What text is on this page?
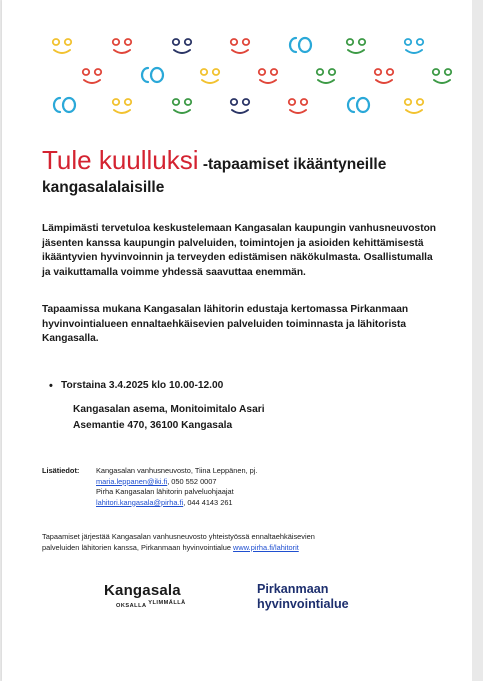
Tule kuulluksi -tapaamiset ikääntyneille
kangasalalaisille
Lämpimästi tervetuloa keskustelemaan Kangasalan kaupungin vanhusneuvoston jäsenten kanssa kaupungin palveluiden, toimintojen ja asioiden kehittämisestä ikääntyvien hyvinvoinnin ja terveyden edistämisen näkökulmasta. Osallistumalla ja vaikuttamalla voimme yhdessä saavuttaa enemmän.
Tapaamissa mukana Kangasalan lähitorin edustaja kertomassa Pirkanmaan hyvinvointialueen ennaltaehkäisevien palveluiden toiminnasta ja lähitorista Kangasalla.
• Torstaina 3.4.2025 klo 10.00-12.00
Kangasalan asema, Monitoimitalo Asari
Asemantie 470, 36100 Kangasala
Lisätiedot: Kangasalan vanhusneuvosto, Tiina Leppänen, pj.
maria.leppanen@iki.fi, 050 552 0007
Pirha Kangasalan lähitorin palveluohjaajat
lahitori.kangasala@pirha.fi, 044 4143 261
Tapaamiset järjestää Kangasalan vanhusneuvosto yhteistyössä ennaltaehkäisevien
palveluiden lähitorien kanssa, Pirkanmaan hyvinvointialue www.pirha.fi/lahitorit
Kangasala
OKSALLA YLIMMÄLLÄ
Pirkanmaan
hyvinvointialue
